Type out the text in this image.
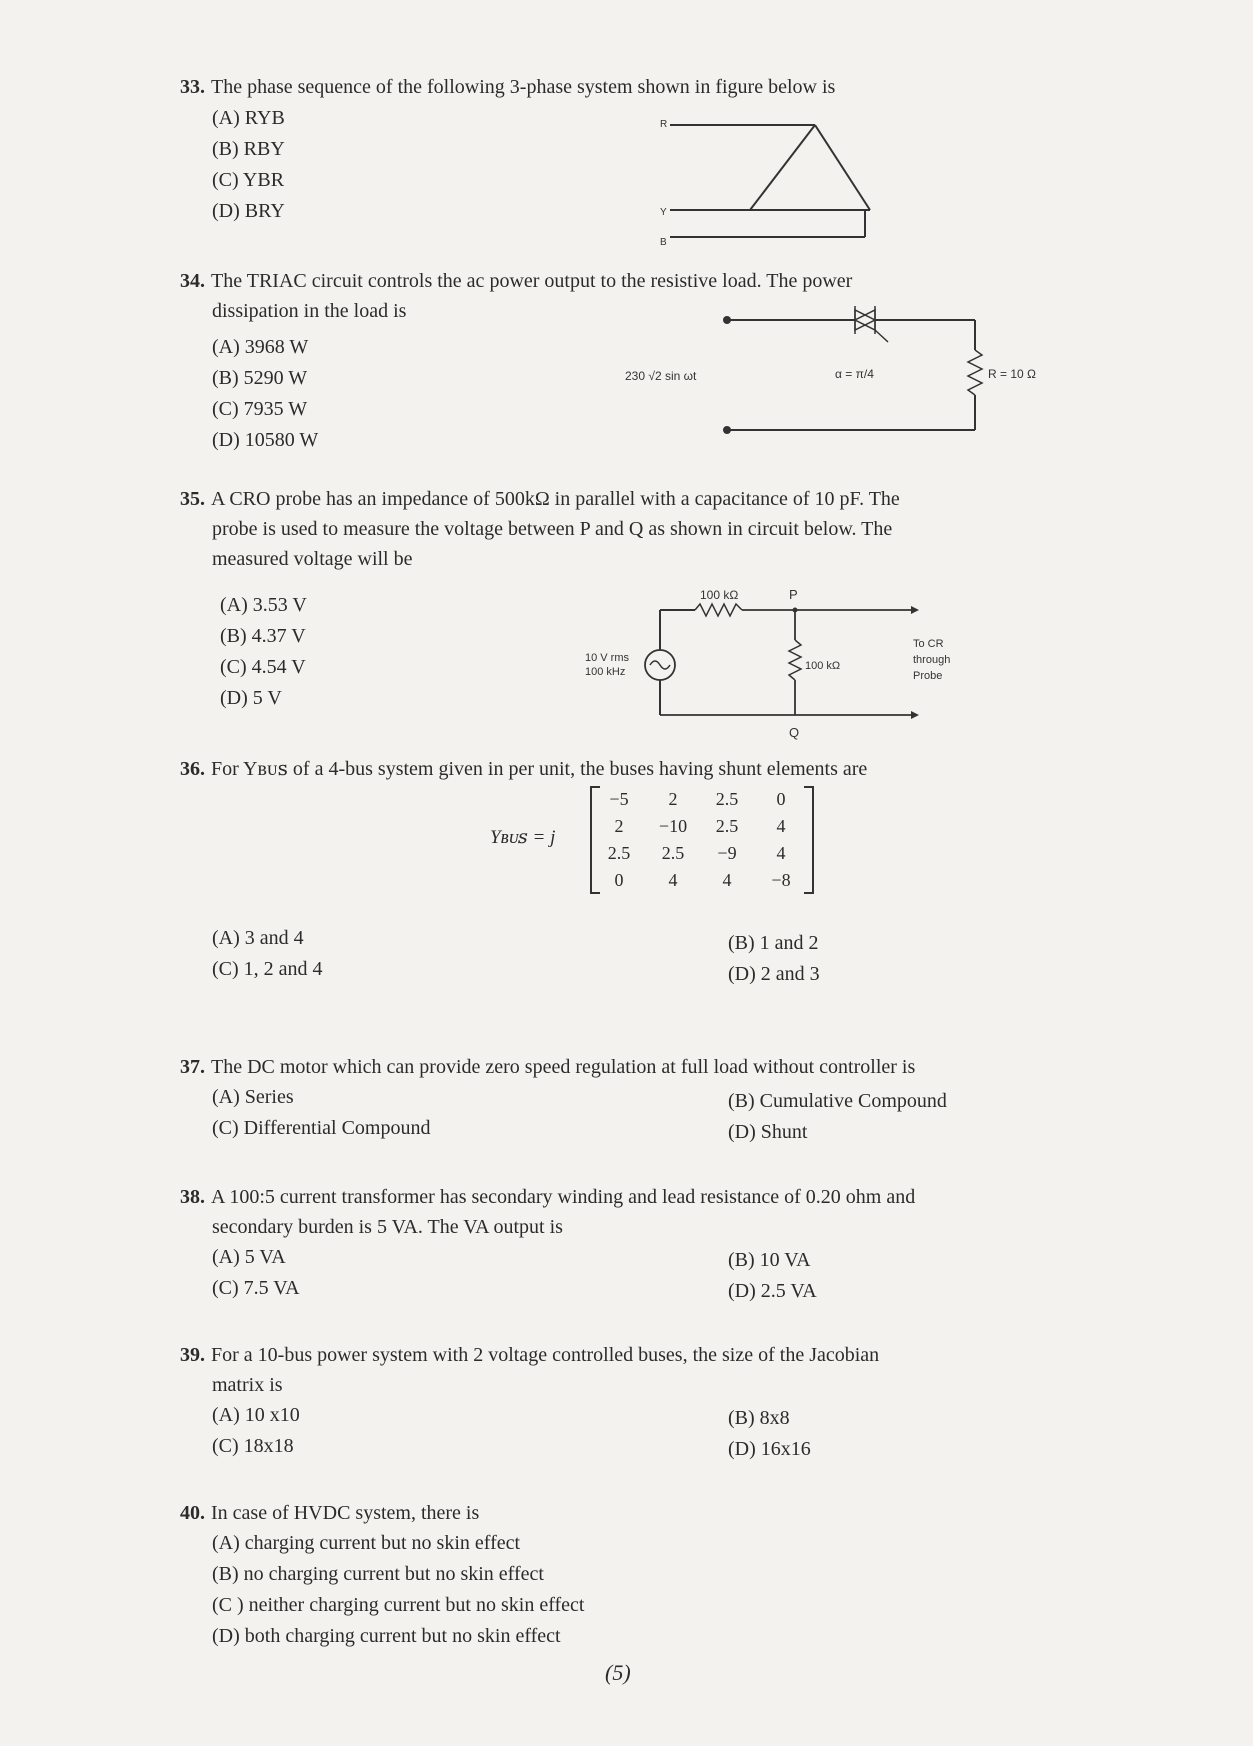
33. The phase sequence of the following 3-phase system shown in figure below is
(A) RYB
(B) RBY
(C) YBR
(D) BRY
R
Y
B
34. The TRIAC circuit controls the ac power output to the resistive load. The power
dissipation in the load is
(A) 3968 W
(B) 5290 W
(C) 7935 W
(D) 10580 W
230 √2 sin ωt	α = π/4	R = 10 Ω
35. A CRO probe has an impedance of 500kΩ in parallel with a capacitance of 10 pF. The
probe is used to measure the voltage between P and Q as shown in circuit below. The
measured voltage will be
(A) 3.53 V
(B) 4.37 V
(C) 4.54 V
(D) 5 V
100 kΩ	P
Q
10 V rms
100 kHz	100 kΩ
To CR
through
Probe
36. For Yʙᴜꜱ of a 4-bus system given in per unit, the buses having shunt elements are
Yʙᴜꜱ = j
−5	2	2.5	0
2	−10	2.5	4
2.5	2.5	−9	4
0	4	4	−8
(A) 3 and 4	(B) 1 and 2
(C) 1, 2 and 4	(D) 2 and 3
37. The DC motor which can provide zero speed regulation at full load without controller is
(A) Series	(B) Cumulative Compound
(C) Differential Compound	(D) Shunt
38. A 100:5 current transformer has secondary winding and lead resistance of 0.20 ohm and
secondary burden is 5 VA. The VA output is
(A) 5 VA	(B) 10 VA
(C) 7.5 VA	(D) 2.5 VA
39. For a 10-bus power system with 2 voltage controlled buses, the size of the Jacobian
matrix is
(A) 10 x10	(B) 8x8
(C) 18x18	(D) 16x16
40. In case of HVDC system, there is
(A) charging current but no skin effect
(B) no charging current but no skin effect
(C ) neither charging current but no skin effect
(D) both charging current but no skin effect
(5)
